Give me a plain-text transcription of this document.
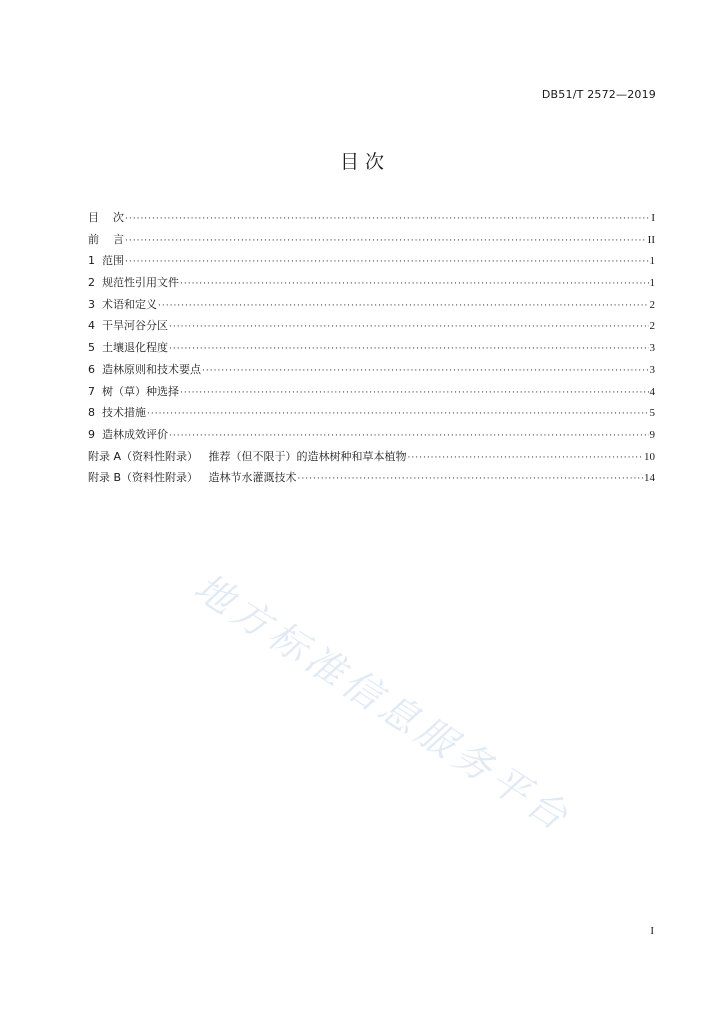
DB51/T 2572—2019
目 次
目    次 ·····	I
前    言 ·····	II
1  范围 ·····	1
2  规范性引用文件 ·····	1
3  术语和定义 ·····	2
4  干旱河谷分区 ·····	2
5  土壤退化程度 ·····	3
6  造林原则和技术要点 ·····	3
7  树（草）种选择 ·····	4
8  技术措施 ·····	5
9  造林成效评价 ·····	9
附录 A（资料性附录）   推荐（但不限于）的造林树种和草本植物 ·····	10
附录 B（资料性附录）   造林节水灌溉技术 ·····	14
地方标准信息服务平台
I
